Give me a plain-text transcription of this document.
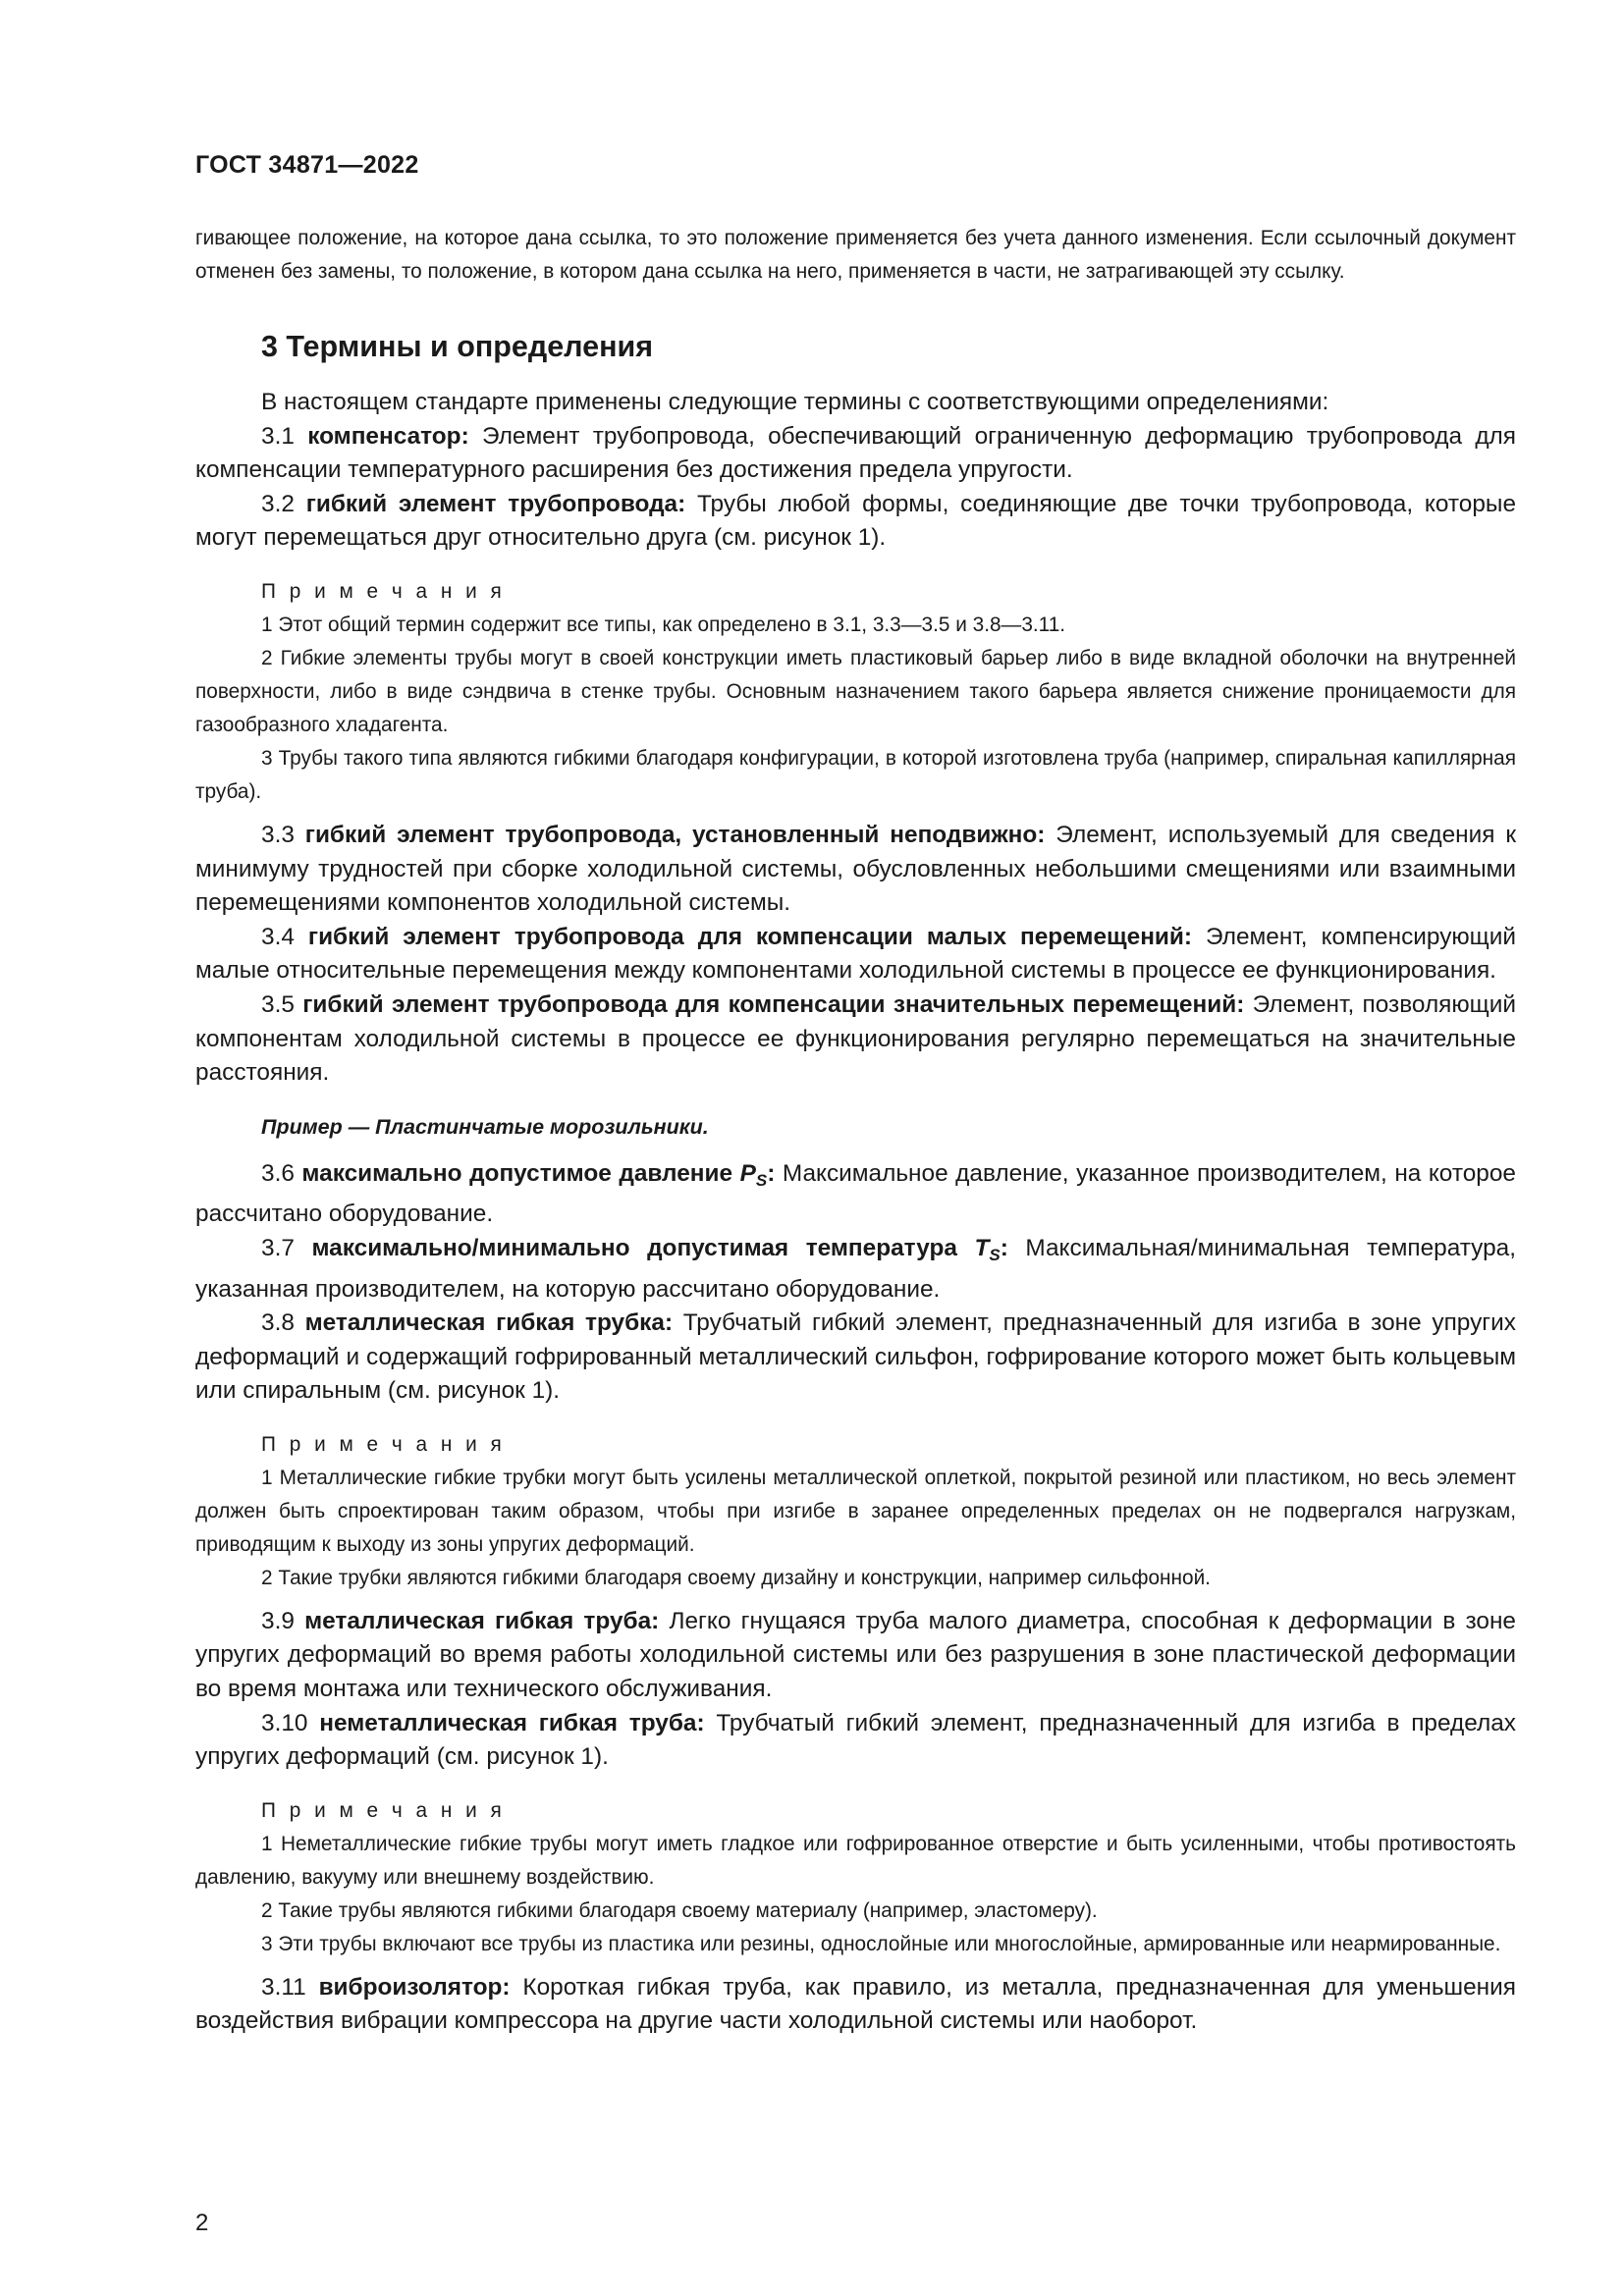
ГОСТ 34871—2022

гивающее положение, на которое дана ссылка, то это положение применяется без учета данного изменения. Если ссылочный документ отменен без замены, то положение, в котором дана ссылка на него, применяется в части, не затрагивающей эту ссылку.

3 Термины и определения

В настоящем стандарте применены следующие термины с соответствующими определениями:

3.1 компенсатор: Элемент трубопровода, обеспечивающий ограниченную деформацию трубопровода для компенсации температурного расширения без достижения предела упругости.

3.2 гибкий элемент трубопровода: Трубы любой формы, соединяющие две точки трубопровода, которые могут перемещаться друг относительно друга (см. рисунок 1).

П р и м е ч а н и я

1 Этот общий термин содержит все типы, как определено в 3.1, 3.3—3.5 и 3.8—3.11.

2 Гибкие элементы трубы могут в своей конструкции иметь пластиковый барьер либо в виде вкладной оболочки на внутренней поверхности, либо в виде сэндвича в стенке трубы. Основным назначением такого барьера является снижение проницаемости для газообразного хладагента.

3 Трубы такого типа являются гибкими благодаря конфигурации, в которой изготовлена труба (например, спиральная капиллярная труба).

3.3 гибкий элемент трубопровода, установленный неподвижно: Элемент, используемый для сведения к минимуму трудностей при сборке холодильной системы, обусловленных небольшими смещениями или взаимными перемещениями компонентов холодильной системы.

3.4 гибкий элемент трубопровода для компенсации малых перемещений: Элемент, компенсирующий малые относительные перемещения между компонентами холодильной системы в процессе ее функционирования.

3.5 гибкий элемент трубопровода для компенсации значительных перемещений: Элемент, позволяющий компонентам холодильной системы в процессе ее функционирования регулярно перемещаться на значительные расстояния.

Пример — Пластинчатые морозильники.

3.6 максимально допустимое давление $P_S$: Максимальное давление, указанное производителем, на которое рассчитано оборудование.

3.7 максимально/минимально допустимая температура $T_S$: Максимальная/минимальная температура, указанная производителем, на которую рассчитано оборудование.

3.8 металлическая гибкая трубка: Трубчатый гибкий элемент, предназначенный для изгиба в зоне упругих деформаций и содержащий гофрированный металлический сильфон, гофрирование которого может быть кольцевым или спиральным (см. рисунок 1).

П р и м е ч а н и я

1 Металлические гибкие трубки могут быть усилены металлической оплеткой, покрытой резиной или пластиком, но весь элемент должен быть спроектирован таким образом, чтобы при изгибе в заранее определенных пределах он не подвергался нагрузкам, приводящим к выходу из зоны упругих деформаций.

2 Такие трубки являются гибкими благодаря своему дизайну и конструкции, например сильфонной.

3.9 металлическая гибкая труба: Легко гнущаяся труба малого диаметра, способная к деформации в зоне упругих деформаций во время работы холодильной системы или без разрушения в зоне пластической деформации во время монтажа или технического обслуживания.

3.10 неметаллическая гибкая труба: Трубчатый гибкий элемент, предназначенный для изгиба в пределах упругих деформаций (см. рисунок 1).

П р и м е ч а н и я

1 Неметаллические гибкие трубы могут иметь гладкое или гофрированное отверстие и быть усиленными, чтобы противостоять давлению, вакууму или внешнему воздействию.

2 Такие трубы являются гибкими благодаря своему материалу (например, эластомеру).

3 Эти трубы включают все трубы из пластика или резины, однослойные или многослойные, армированные или неармированные.

3.11 виброизолятор: Короткая гибкая труба, как правило, из металла, предназначенная для уменьшения воздействия вибрации компрессора на другие части холодильной системы или наоборот.

2
